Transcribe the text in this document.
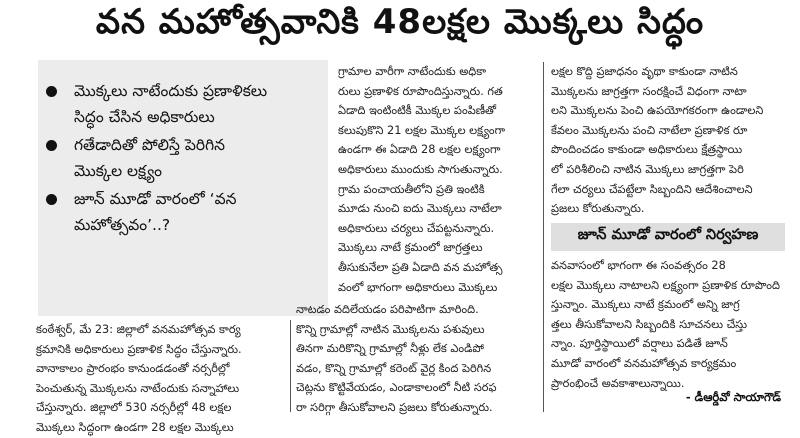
వన మహోత్సవానికి 48లక్షల మొక్కలు సిద్ధం
మొక్కలు నాటేందుకు ప్రణాళికలు
సిద్ధం చేసిన అధికారులు
గతేడాదితో పోలిస్తే పెరిగిన
మొక్కల లక్ష్యం
జూన్ మూడో వారంలో ‘వన
మహోత్సవం’..?

గ్రామాల వారీగా నాటేందుకు అధికా

రులు ప్రణాళిక రూపొందిస్తున్నారు. గత

ఏడాది ఇంటింటికీ మొక్కల పంపిణీతో

కలుపుకొని 21 లక్షల మొక్కల లక్ష్యంగా

ఉండగా ఈ ఏడాది 28 లక్షల లక్ష్యంగా

అధికారులు ముందుకు సాగుతున్నారు.

గ్రామ పంచాయతీలోని ప్రతి ఇంటికి

మూడు నుంచి ఐదు మొక్కలు నాటేలా

అధికారులు చర్యలు చేపట్టనున్నారు.

మొక్కలు నాటే క్రమంలో జాగ్రత్తలు

తీసుకునేలా ప్రతి ఏడాది వన మహోత్స

వంలో భాగంగా అధికారులు మొక్కలు

లక్షల కొద్ది ప్రజాధనం వృథా కాకుండా నాటిన

మొక్కలను జాగ్రత్తగా సంరక్షించే విధంగా నాటా

లని మొక్కలను పెంచి ఉపయోగకరంగా ఉండాలని

కేవలం మొక్కలను పంచి నాటేలా ప్రణాళిక రూ

పొందించడం కాకుండా అధికారులు క్షేత్రస్థాయి

లో పరిశీలించి నాటిన మొక్కలు జాగ్రత్తగా పెరి

గేలా చర్యలు చేపట్టేలా సిబ్బందిని ఆదేశించాలని

ప్రజలు కోరుతున్నారు.

జూన్ మూడో వారంలో నిర్వహణ

వనవాసంలో భాగంగా ఈ సంవత్సరం 28

లక్షల మొక్కలు నాటాలని లక్ష్యంగా ప్రణాళిక రూపొంది

స్తున్నాం. మొక్కలు నాటే క్రమంలో అన్ని జాగ్ర

త్తలు తీసుకోవాలని సిబ్బందికి సూచనలు చేస్తు

న్నాం. పూర్తిస్థాయిలో వర్షాలు పడితే జూన్

మూడో వారంలో వనమహోత్సవ కార్యక్రమం

ప్రారంభించే అవకాశాలున్నాయి.

- డీఆర్డీవో సాయాగౌడ్

కంఠేశ్వర్, మే 23: జిల్లాలో వనమహోత్సవ కార్య

క్రమానికి అధికారులు ప్రణాళిక సిద్ధం చేస్తున్నారు.

వానాకాలం ప్రారంభం కానుండడంతో నర్సరీల్లో

పెంచుతున్న మొక్కలను నాటేందుకు సన్నాహాలు

చేస్తున్నారు. జిల్లాలో 530 నర్సరీల్లో 48 లక్షల

మొక్కలు సిద్ధంగా ఉండగా 28 లక్షల మొక్కలు

నాటడం వదిలేయడం పరిపాటిగా మారింది.

కొన్ని గ్రామాల్లో నాటిన మొక్కలను పశువులు

తినగా మరికొన్ని గ్రామాల్లో నీళ్లు లేక ఎండిపో

వడం, కొన్ని గ్రామాల్లో కరెంట్ వైర్ల కింద పెరిగిన

చెట్లను కొట్టివేయడం, ఎండాకాలంలో నీటి సరఫ

రా సరిగ్గా తీసుకోవాలని ప్రజలు కోరుతున్నారు.
